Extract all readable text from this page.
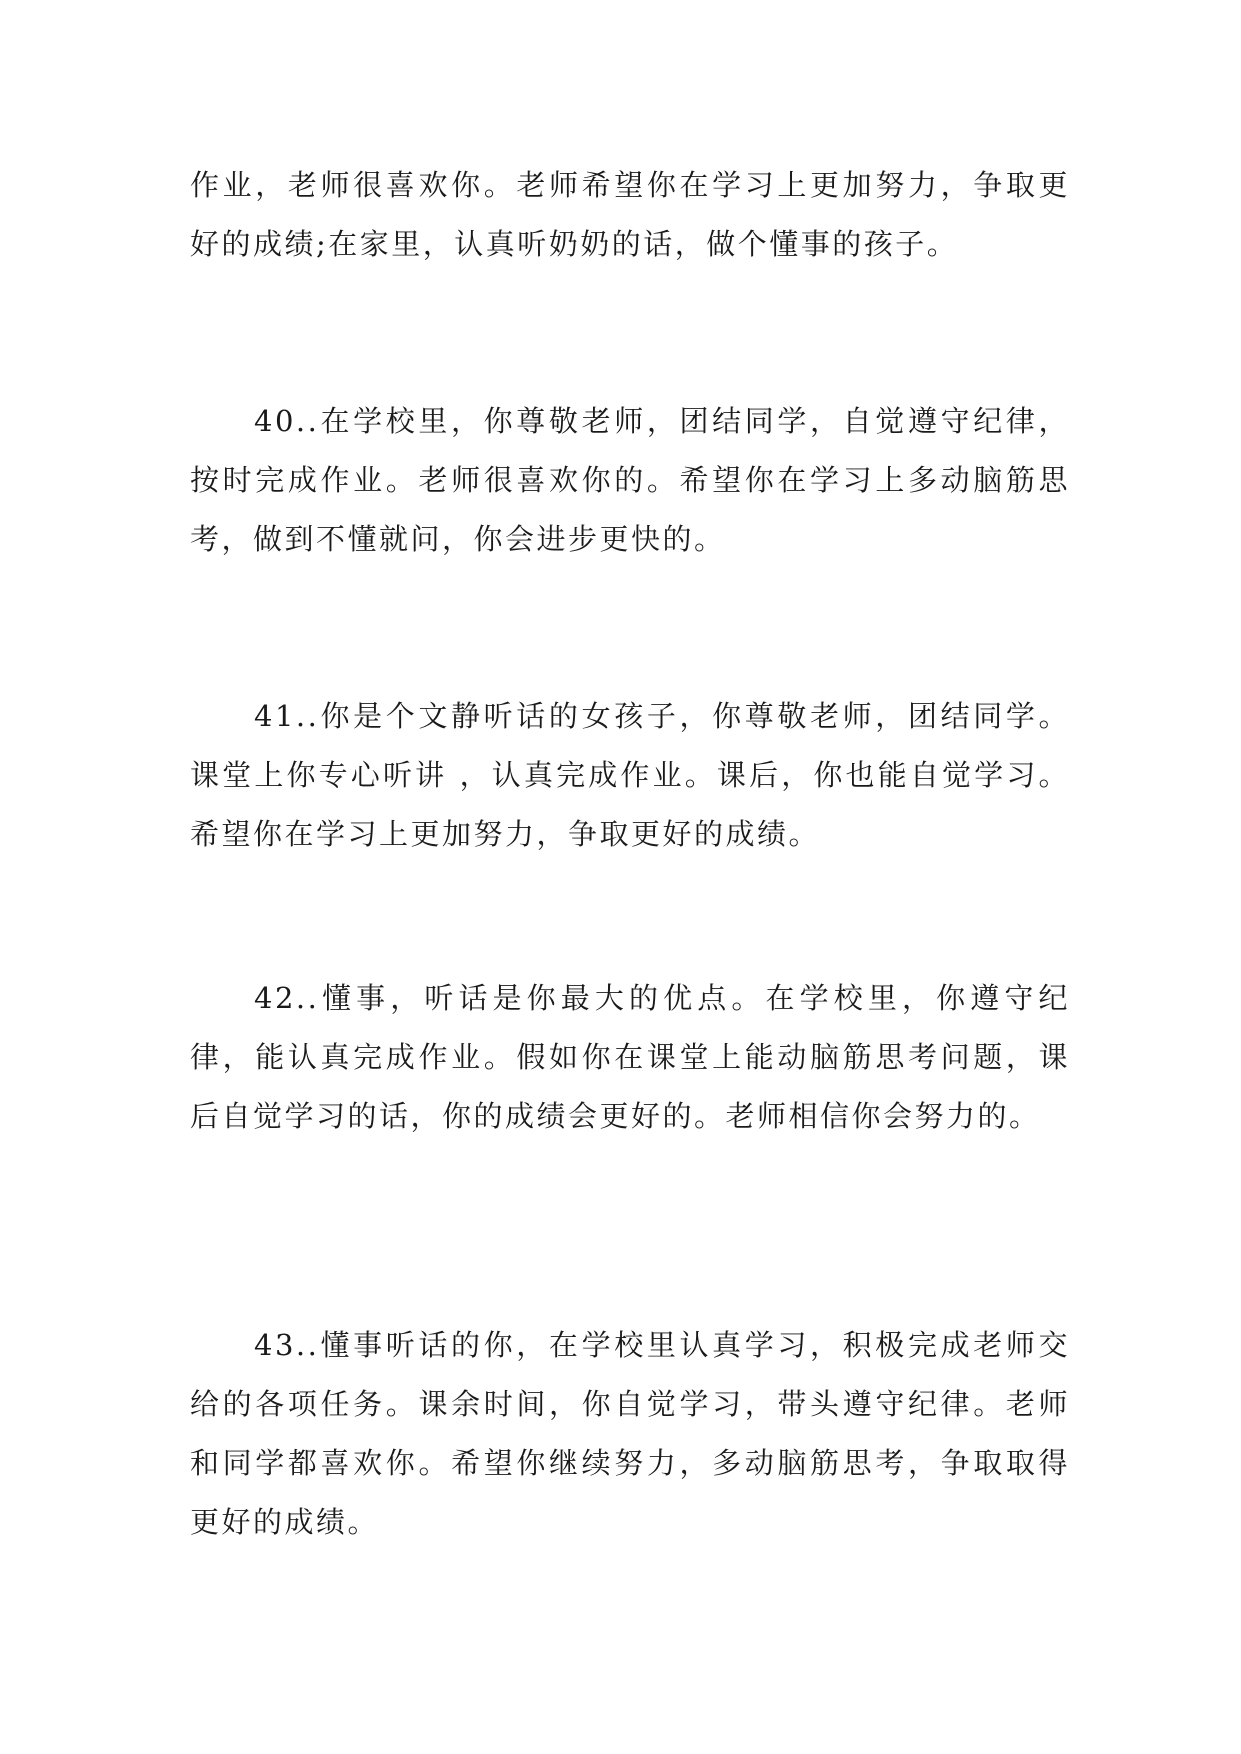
作业，老师很喜欢你。老师希望你在学习上更加努力，争取更好的成绩;在家里，认真听奶奶的话，做个懂事的孩子。

40..在学校里，你尊敬老师，团结同学，自觉遵守纪律，按时完成作业。老师很喜欢你的。希望你在学习上多动脑筋思考，做到不懂就问，你会进步更快的。

41..你是个文静听话的女孩子，你尊敬老师，团结同学。课堂上你专心听讲 ，认真完成作业。课后，你也能自觉学习。希望你在学习上更加努力，争取更好的成绩。

42..懂事，听话是你最大的优点。在学校里，你遵守纪律，能认真完成作业。假如你在课堂上能动脑筋思考问题，课后自觉学习的话，你的成绩会更好的。老师相信你会努力的。

43..懂事听话的你，在学校里认真学习，积极完成老师交给的各项任务。课余时间，你自觉学习，带头遵守纪律。老师和同学都喜欢你。希望你继续努力，多动脑筋思考，争取取得更好的成绩。
